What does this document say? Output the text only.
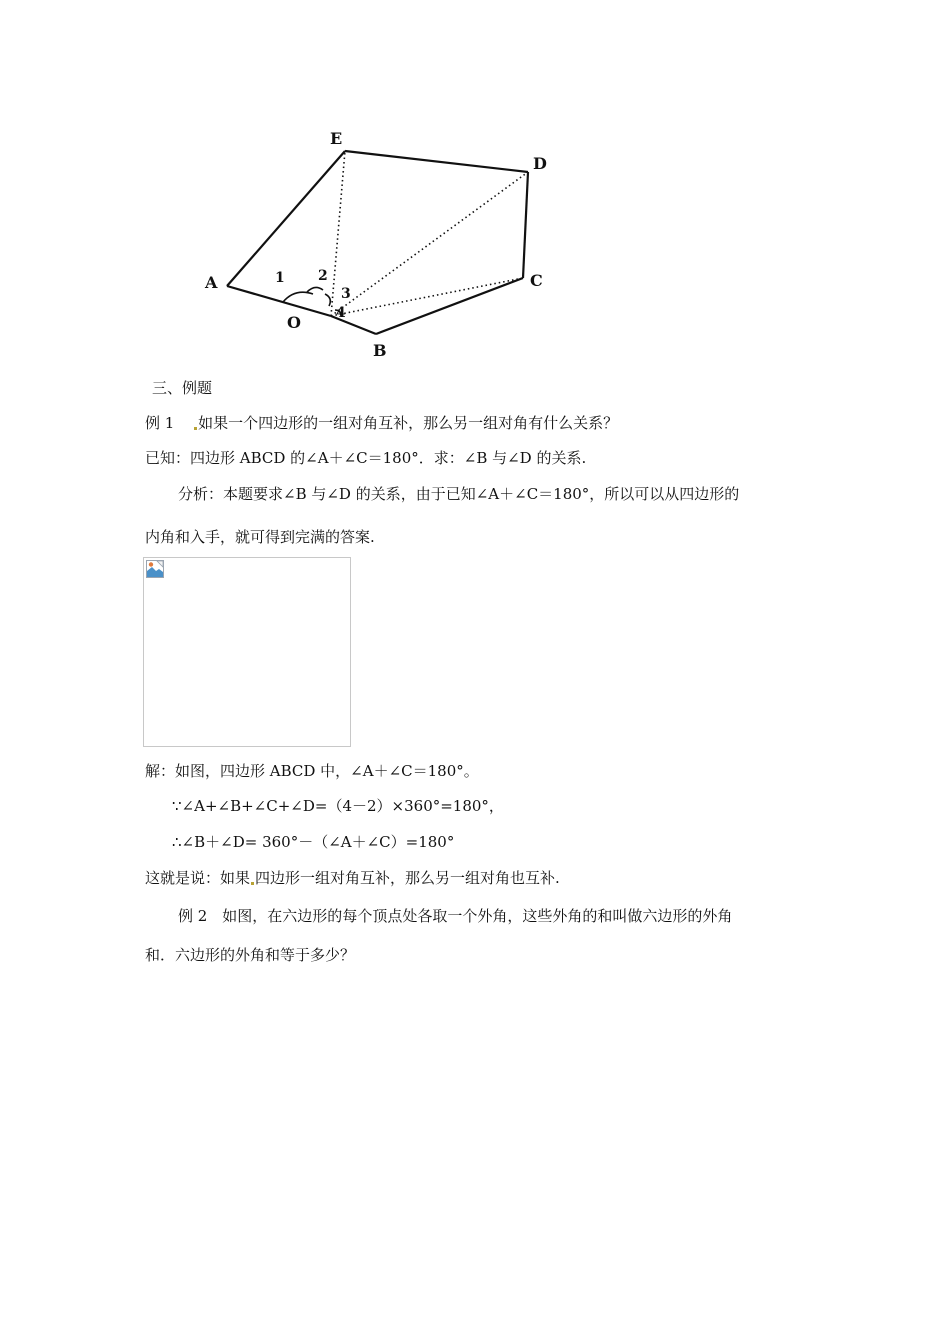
E
D
A	C
O
B
1 2
3
4
三、例题
例 1 如果一个四边形的一组对角互补，那么另一组对角有什么关系？
已知：四边形 ABCD 的∠A＋∠C＝180°．求：∠B 与∠D 的关系.
分析：本题要求∠B 与∠D 的关系，由于已知∠A＋∠C＝180°，所以可以从四边形的
内角和入手，就可得到完满的答案.
解：如图，四边形 ABCD 中，∠A＋∠C＝180°。
∵∠A+∠B+∠C+∠D=（4－2）×360°=180°，
∴∠B＋∠D= 360°－（∠A＋∠C）=180°
这就是说：如果 四边形一组对角互补，那么另一组对角也互补.
例 2　如图，在六边形的每个顶点处各取一个外角，这些外角的和叫做六边形的外角
和．六边形的外角和等于多少？
